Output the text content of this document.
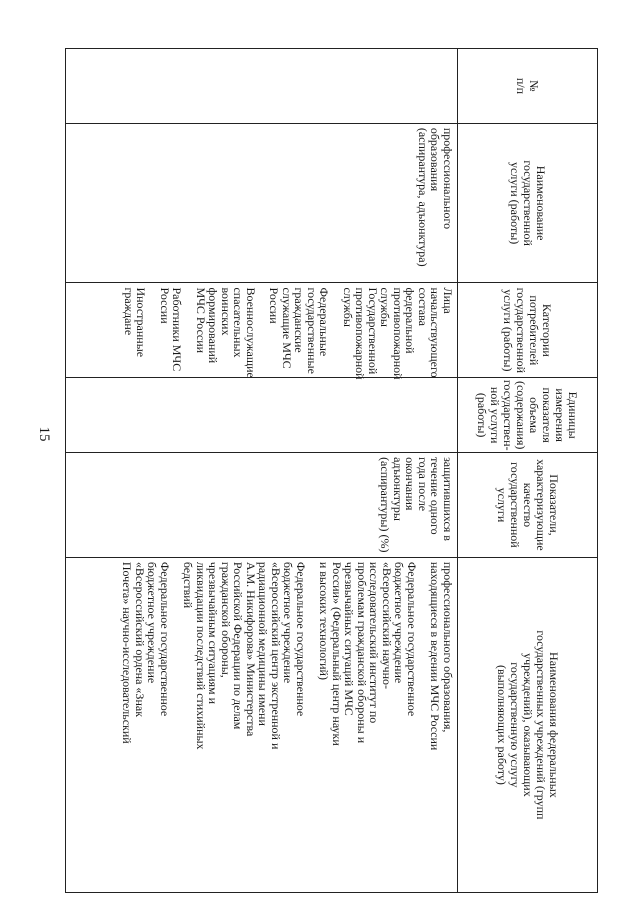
15
№
п/п
Наименование государственной
услуги (работы)

профессионального образования
(аспирантура, адъюнктура)

Категории
потребителей
государственной
услуги (работы)

Лица
начальствующего
состава
федеральной
противопожарной
службы
Государственной
противопожарной
службы

Федеральные
государственные
гражданские
служащие МЧС
России

Военнослужащие
спасательных
воинских
формирований
МЧС России

Работники МЧС
России

Иностранные
граждане

Единицы
измерения
показателя
объема
(содержания)
государствен-
ной услуги
(работы)
Показатели,
характеризующие
качество
государственной
услуги

защитившихся в
течение одного
года после
окончания
адъюнктуры
(аспирантуры) (%)

Наименования федеральных
государственных учреждений (групп
учреждений), оказывающих
государственную услугу
(выполняющих работу)

профессионального образования,
находящиеся в ведении МЧС России

Федеральное государственное
бюджетное учреждение
«Всероссийский научно-
исследовательский институт по
проблемам гражданской обороны и
чрезвычайных ситуаций МЧС
России» (Федеральный центр науки
и высоких технологий)

Федеральное государственное
бюджетное учреждение
«Всероссийский центр экстренной и
радиационной медицины имени
А.М. Никифорова» Министерства
Российской Федерации по делам
гражданской обороны,
чрезвычайным ситуациям и
ликвидации последствий стихийных
бедствий

Федеральное государственное
бюджетное учреждение
«Всероссийский ордена «Знак
Почета» научно-исследовательский
